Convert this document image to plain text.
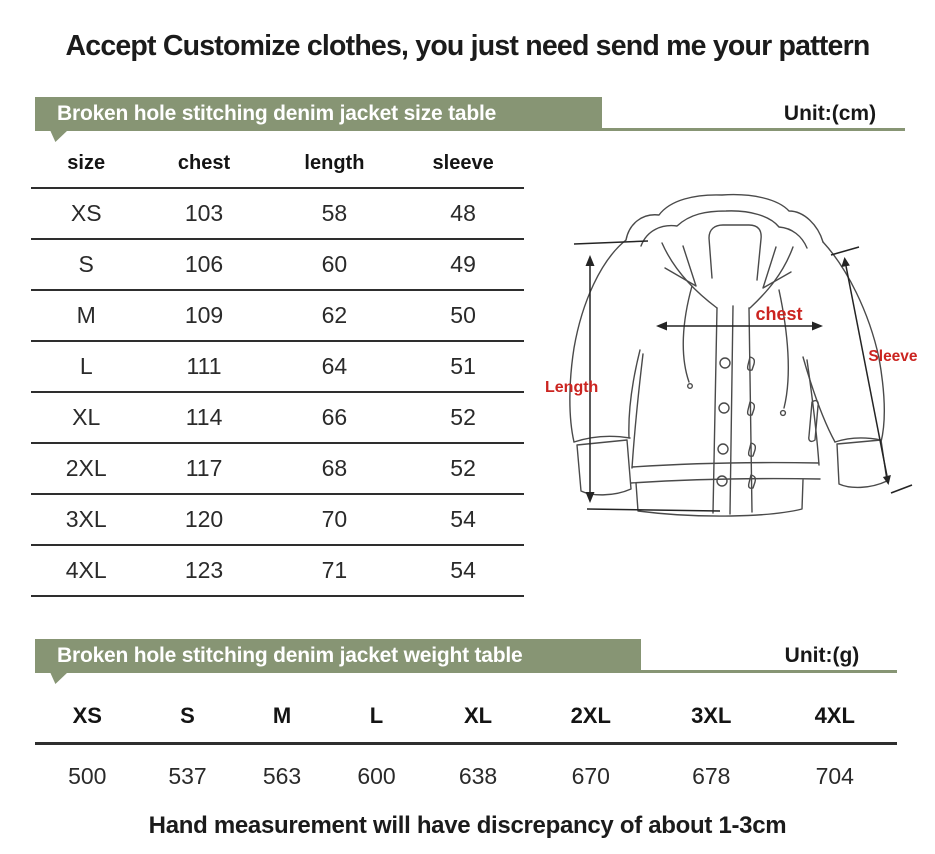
Accept Customize clothes, you just need send me your pattern
Broken hole stitching denim jacket size table	Unit:(cm)
size	chest	length	sleeve
XS	103	58	48
S	106	60	49
M	109	62	50
L	111	64	51
XL	114	66	52
2XL	117	68	52
3XL	120	70	54
4XL	123	71	54
Length
chest
Sleeve
Broken hole stitching denim jacket weight table	Unit:(g)
XS	S	M	L	XL	2XL	3XL	4XL
500	537	563	600	638	670	678	704
Hand measurement will have discrepancy of about 1-3cm
